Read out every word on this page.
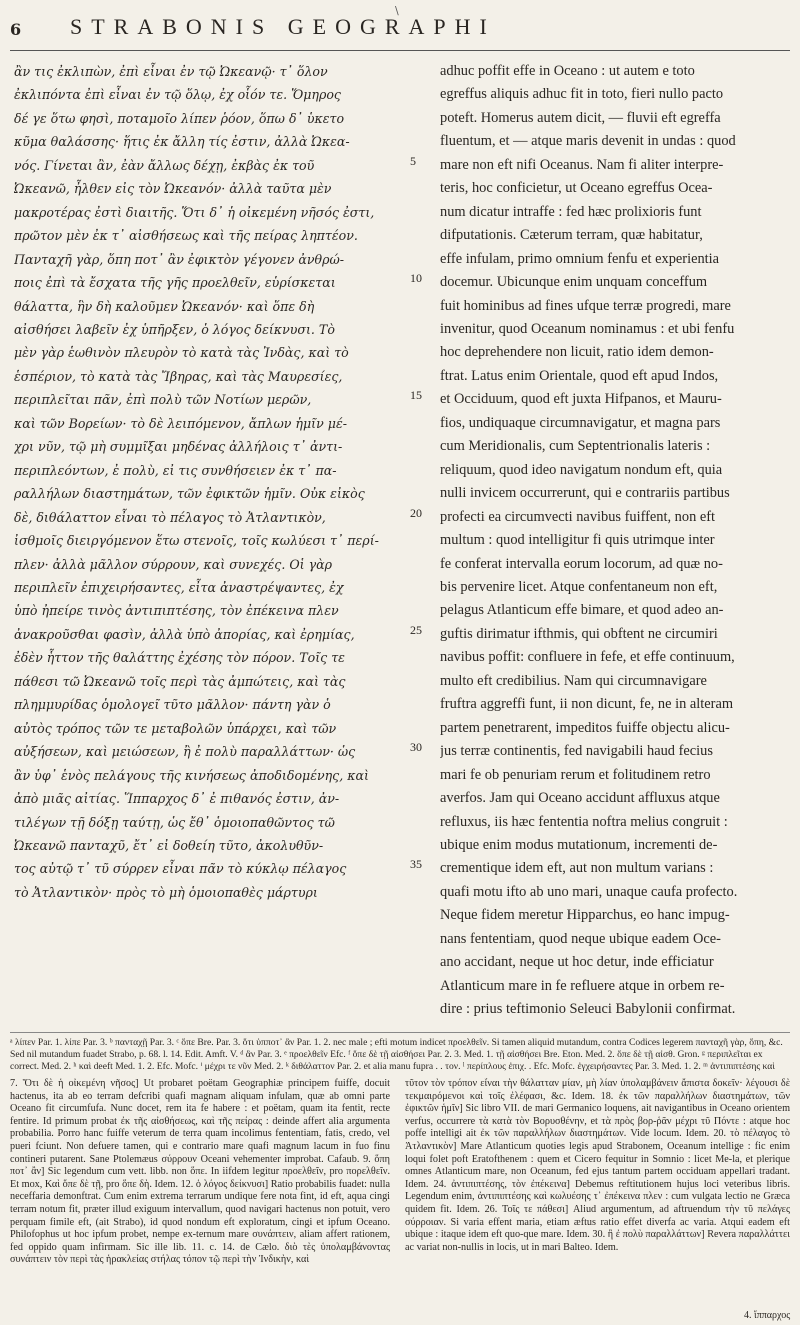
\
6 STRABONIS GEOGRAPHI
ἂν τις ἐκλιπὼν, ἐπὶ εἶναι ἐν τῷ Ὠκεανῷ· τ᾽ ὅλον
ἐκλιπόντα ἐπὶ εἶναι ἐν τῷ ὅλῳ, ἐχ οἷόν τε. Ὅμηρος
δέ γε ὅτω φησὶ, ποταμοῖο λίπεν ῥόον, ὅπω δ᾽ ὑκετο
κῦμα θαλάσσης· ἥτις ἐκ ἄλλη τίς ἐστιν, ἀλλὰ Ὠκεα-
νός. Γίνεται ἂν, ἐὰν ἄλλως δέχῃ, ἐκβὰς ἐκ τοῦ
Ὠκεανῶ, ἦλθεν εἰς τὸν Ὠκεανόν· ἀλλὰ ταῦτα μὲν
μακροτέρας ἐστὶ διαιτῆς. Ὅτι δ᾽ ἡ οἰκεμένη νῆσός ἐστι,
πρῶτον μὲν ἐκ τ᾽ αἰσθήσεως καὶ τῆς πείρας ληπτέον.
Πανταχῆ γὰρ, ὅπη ποτ᾽ ἂν ἐφικτὸν γέγονεν ἀνθρώ-
ποις ἐπὶ τὰ ἔσχατα τῆς γῆς προελθεῖν, εὑρίσκεται
θάλαττα, ἣν δὴ καλοῦμεν Ὠκεανόν· καὶ ὅπε δὴ
αἰσθήσει λαβεῖν ἐχ ὑπῆρξεν, ὁ λόγος δείκνυσι. Τὸ
μὲν γὰρ ἑωθινὸν πλευρὸν τὸ κατὰ τὰς Ἰνδὰς, καὶ τὸ
ἑσπέριον, τὸ κατὰ τὰς Ἴβηρας, καὶ τὰς Μαυρεσίες,
περιπλεῖται πᾶν, ἐπὶ πολὺ τῶν Νοτίων μερῶν,
καὶ τῶν Βορείων· τὸ δὲ λειπόμενον, ἄπλων ἡμῖν μέ-
χρι νῦν, τῷ μὴ συμμῖξαι μηδένας ἀλλήλοις τ᾽ ἀντι-
περιπλεόντων, ἐ πολὺ, εἰ τις συνθήσειεν ἐκ τ᾽ πα-
ραλλήλων διαστημάτων, τῶν ἐφικτῶν ἡμῖν. Οὐκ εἰκὸς
δὲ, διθάλαττον εἶναι τὸ πέλαγος τὸ Ἀτλαντικὸν,
ἰσθμοῖς διειργόμενον ἕτω στενοῖς, τοῖς κωλύεσι τ᾽ περί-
πλεν· ἀλλὰ μᾶλλον σύρρουν, καὶ συνεχές. Οἱ γὰρ
περιπλεῖν ἐπιχειρήσαντες, εἶτα ἀναστρέψαντες, ἐχ
ὑπὸ ἠπείρε τινὸς ἀντιπιπτέσης, τὸν ἐπέκεινα πλεν
ἀνακροῦσθαι φασὶν, ἀλλὰ ὑπὸ ἀπορίας, καὶ ἐρημίας,
ἐδὲν ἧττον τῆς θαλάττης ἐχέσης τὸν πόρον. Τοῖς τε
πάθεσι τῶ Ὠκεανῶ τοῖς περὶ τὰς ἀμπώτεις, καὶ τὰς
πλημμυρίδας ὁμολογεῖ τῦτο μᾶλλον· πάντη γὰν ὁ
αὐτὸς τρόπος τῶν τε μεταβολῶν ὑπάρχει, καὶ τῶν
αὐξήσεων, καὶ μειώσεων, ἢ ἐ πολὺ παραλλάττων· ὡς
ἂν ὑφ᾽ ἑνὸς πελάγους τῆς κινήσεως ἀποδιδομένης, καὶ
ἀπὸ μιᾶς αἰτίας. Ἵππαρχος δ᾽ ἐ πιθανός ἐστιν, ἀν-
τιλέγων τῇ δόξῃ ταύτῃ, ὡς ἔθ᾽ ὁμοιοπαθῶντος τῶ
Ὠκεανῶ πανταχῦ, ἔτ᾽ εἰ δοθείη τῦτο, ἀκολυθῦν-
τος αὐτῷ τ᾽ τῦ σύρρεν εἶναι πᾶν τὸ κύκλῳ πέλαγος
τὸ Ἀτλαντικὸν· πρὸς τὸ μὴ ὁμοιοπαθὲς μάρτυρι
5
10
15
20
25
30
35
adhuc poffit effe in Oceano : ut autem e toto
egreffus aliquis adhuc fit in toto, fieri nullo pacto
poteft. Homerus autem dicit, — fluvii eft egreffa
fluentum, et — atque maris devenit in undas : quod
mare non eft nifi Oceanus. Nam fi aliter interpre-
teris, hoc conficietur, ut Oceano egreffus Ocea-
num dicatur intraffe : fed hæc prolixioris funt
difputationis. Cæterum terram, quæ habitatur,
effe infulam, primo omnium fenfu et experientia
docemur. Ubicunque enim unquam conceffum
fuit hominibus ad fines ufque terræ progredi, mare
invenitur, quod Oceanum nominamus : et ubi fenfu
hoc deprehendere non licuit, ratio idem demon-
ftrat. Latus enim Orientale, quod eft apud Indos,
et Occiduum, quod eft juxta Hifpanos, et Mauru-
fios, undiquaque circumnavigatur, et magna pars
cum Meridionalis, cum Septentrionalis lateris :
reliquum, quod ideo navigatum nondum eft, quia
nulli invicem occurrerunt, qui e contrariis partibus
profecti ea circumvecti navibus fuiffent, non eft
multum : quod intelligitur fi quis utrimque inter
fe conferat intervalla eorum locorum, ad quæ no-
bis pervenire licet. Atque confentaneum non eft,
pelagus Atlanticum effe bimare, et quod adeo an-
guftis dirimatur ifthmis, qui obftent ne circumiri
navibus poffit: confluere in fefe, et effe continuum,
multo eft credibilius. Nam qui circumnavigare
fruftra aggreffi funt, ii non dicunt, fe, ne in alteram
partem penetrarent, impeditos fuiffe objectu alicu-
jus terræ continentis, fed navigabili haud fecius
mari fe ob penuriam rerum et folitudinem retro
averfos. Jam qui Oceano accidunt affluxus atque
refluxus, iis hæc fententia noftra melius congruit :
ubique enim modus mutationum, incrementi de-
crementique idem eft, aut non multum varians :
quafi motu ifto ab uno mari, unaque caufa profecto.
Neque fidem meretur Hipparchus, eo hanc impug-
nans fententiam, quod neque ubique eadem Oce-
ano accidant, neque ut hoc detur, inde efficiatur
Atlanticum mare in fe refluere atque in orbem re-
dire : prius teftimonio Seleuci Babylonii confirmat.
ᵃ λίπεν Par. 1. λίπε Par. 3. ᵇ πανταχῇ Par. 3. ᶜ ὅπε Bre. Par. 3. ὅτι ὑπποτ᾽ ἂν Par. 1. 2. nec male ; efti motum indicet προελθεῖν. Si tamen aliquid mutandum, contra Codices legerem πανταχῆ γὰρ, ὅπη, &c. Sed nil mutandum fuadet Strabo, p. 68. l. 14. Edit. Amft. V. ᵈ ἂν Par. 3. ᵉ προελθεῖν Efc. ᶠ ὅπε δὲ τῇ αἰσθήσει Par. 2. 3. Med. 1. τῇ αἰσθήσει Bre. Eton. Med. 2. ὅπε δὲ τῇ αἰσθ. Gron. ᵍ περιπλεῖται ex correct. Med. 2. ʰ καὶ deeft Med. 1. 2. Efc. Mofc. ⁱ μέχρι τε νῦν Med. 2. ᵏ διθάλαττον Par. 2. et alia manu fupra . . τον. ˡ περίπλους ἐπιχ. . Efc. Mofc. ἐγχειρήσαντες Par. 3. Med. 1. 2. ᵐ ἀντιπιπτέσης καὶ
7. Ὅτι δὲ ἡ οἰκεμένη νῆσος] Ut probaret poëtam Geographiæ principem fuiffe, docuit hactenus, ita ab eo terram defcribi quafi magnam aliquam infulam, quæ ab omni parte Oceano fit circumfufa. Nunc docet, rem ita fe habere : et poëtam, quam ita fentit, recte fentire. Id primum probat ἐκ τῆς αἰσθήσεως, καὶ τῆς πείρας : deinde affert alia argumenta probabilia. Porro hanc fuiffe veterum de terra quam incolimus fententiam, fatis, credo, vel pueri fciunt. Non defuere tamen, qui e contrario mare quafi magnum lacum in fuo finu contineri putarent. Sane Ptolemæus σύρρουν Oceani vehementer improbat. Cafaub. 9. ὅπη ποτ᾽ ἂν] Sic legendum cum vett. libb. non ὅπε. In iifdem legitur προελθεῖν, pro πορελθεῖν. Et mox, Καὶ ὅπε δὲ τῇ, pro ὅπε δὴ. Idem. 12. ὁ λόγος δείκνυσι] Ratio probabilis fuadet: nulla neceffaria demonftrat. Cum enim extrema terrarum undique fere nota fint, id eft, aqua cingi terram notum fit, præter illud exiguum intervallum, quod navigari hactenus non potuit, vero perquam fimile eft, (ait Strabo), id quod nondum eft exploratum, cingi et ipfum Oceano. Philofophus ut hoc ipfum probet, nempe ex-ternum mare συνάπτειν, aliam affert rationem, fed oppido quam infirmam. Sic ille lib. 11. c. 14. de Cælo. διὸ τὲς ὑπολαμβάνοντας συνάπτειν τὸν περὶ τὰς ἡρακλείας στήλας τόπον τῷ περὶ τὴν Ἰνδικὴν, καὶ
τῦτον τὸν τρόπον εἶναι τὴν θάλατταν μίαν, μὴ λίαν ὑπολαμβάνειν ἄπιστα δοκεῖν· λέγουσι δὲ τεκμαιρόμενοι καὶ τοῖς ἐλέφασι, &c. Idem. 18. ἐκ τῶν παραλλήλων διαστημάτων, τῶν ἐφικτῶν ἡμῖν] Sic libro VII. de mari Germanico loquens, ait navigantibus in Oceano orientem verfus, occurrere τὰ κατὰ τὸν Βορυσθένην, et τὰ πρὸς βορ-ῥᾶν μέχρι τῦ Πόντε : atque hoc poffe intelligi ait ἐκ τῶν παραλλήλων διαστημάτων. Vide locum. Idem. 20. τὸ πέλαγος τὸ Ἀτλαντικὸν] Mare Atlanticum quoties legis apud Strabonem, Oceanum intellige : fic enim loqui folet poft Eratofthenem : quem et Cicero fequitur in Somnio : licet Me-la, et plerique omnes Atlanticum mare, non Oceanum, fed ejus tantum partem occiduam appellari tradant. Idem. 24. ἀντιπιπτέσης, τὸν ἐπέκεινα] Debemus reftitutionem hujus loci veteribus libris. Legendum enim, ἀντιπιπτέσης καὶ κωλυέσης τ᾽ ἐπέκεινα πλεν : cum vulgata lectio ne Græca quidem fit. Idem. 26. Τοῖς τε πάθεσι] Aliud argumentum, ad aftruendum τὴν τῦ πελάγες σύρροιαν. Si varia effent maria, etiam æftus ratio effet diverfa ac varia. Atqui eadem eft ubique : itaque idem eft quo-que mare. Idem. 30. ἢ ἐ πολὺ παραλλάττων] Revera παραλλάττει ac variat non-nullis in locis, ut in mari Balteo. Idem.
4. ἵππαρχος
